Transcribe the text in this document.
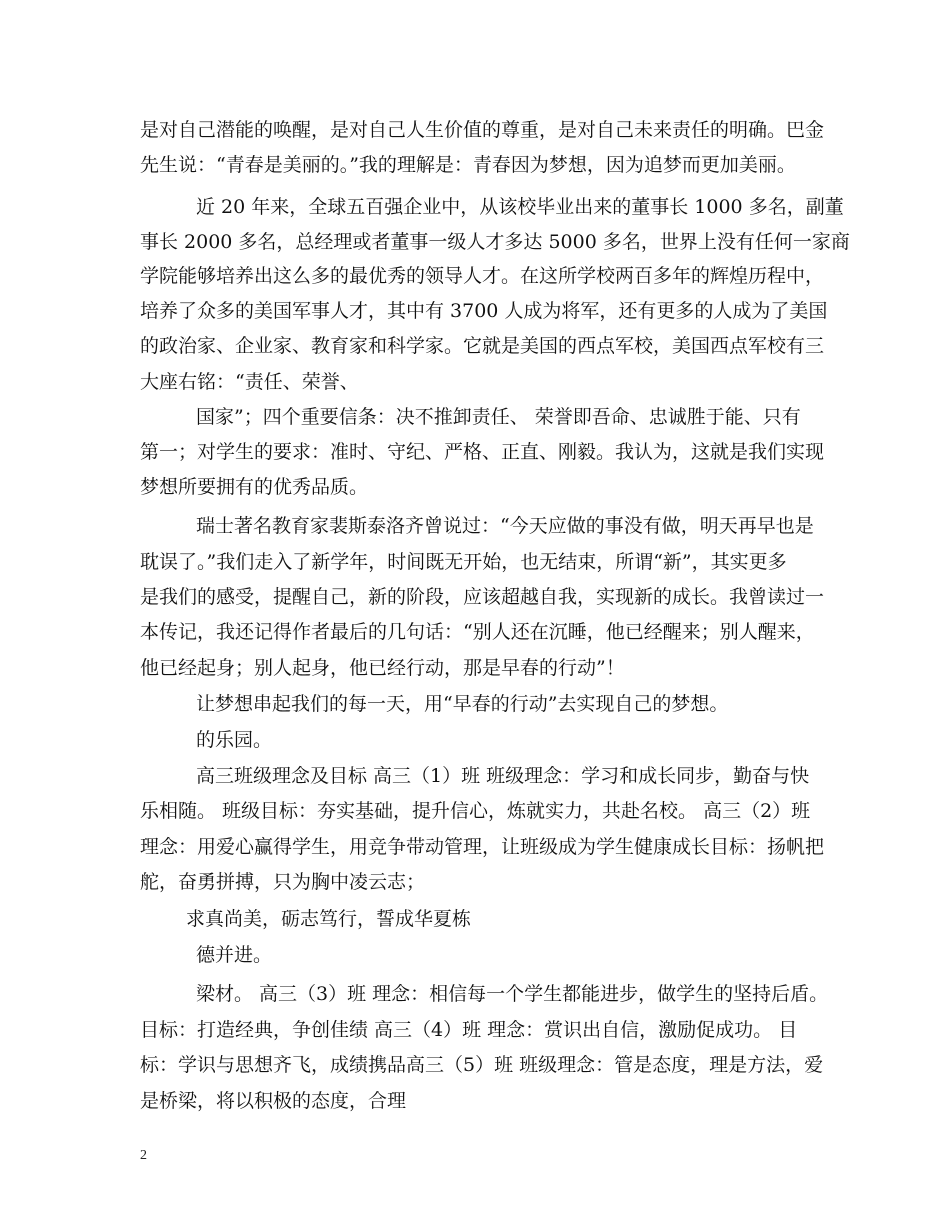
是对自己潜能的唤醒，是对自己人生价值的尊重，是对自己未来责任的明确。巴金
先生说：“青春是美丽的。”我的理解是：青春因为梦想，因为追梦而更加美丽。
近 20 年来，全球五百强企业中，从该校毕业出来的董事长 1000 多名，副董
事长 2000 多名，总经理或者董事一级人才多达 5000 多名，世界上没有任何一家商
学院能够培养出这么多的最优秀的领导人才。在这所学校两百多年的辉煌历程中，
培养了众多的美国军事人才，其中有 3700 人成为将军，还有更多的人成为了美国
的政治家、企业家、教育家和科学家。它就是美国的西点军校，美国西点军校有三
大座右铭：“责任、荣誉、
国家”；四个重要信条：决不推卸责任、 荣誉即吾命、忠诚胜于能、只有
第一；对学生的要求：准时、守纪、严格、正直、刚毅。我认为，这就是我们实现
梦想所要拥有的优秀品质。
瑞士著名教育家裴斯泰洛齐曾说过：“今天应做的事没有做，明天再早也是
耽误了。”我们走入了新学年，时间既无开始，也无结束，所谓“新”，其实更多
是我们的感受，提醒自己，新的阶段，应该超越自我，实现新的成长。我曾读过一
本传记，我还记得作者最后的几句话：“别人还在沉睡，他已经醒来；别人醒来，
他已经起身；别人起身，他已经行动，那是早春的行动”！
让梦想串起我们的每一天，用“早春的行动”去实现自己的梦想。
的乐园。
高三班级理念及目标 高三（1）班 班级理念：学习和成长同步，勤奋与快
乐相随。 班级目标：夯实基础，提升信心，炼就实力，共赴名校。 高三（2）班
理念：用爱心赢得学生，用竞争带动管理，让班级成为学生健康成长目标：扬帆把
舵，奋勇拼搏，只为胸中凌云志；
求真尚美，砺志笃行，誓成华夏栋
德并进。
梁材。 高三（3）班 理念：相信每一个学生都能进步，做学生的坚持后盾。
目标：打造经典，争创佳绩 高三（4）班 理念：赏识出自信，激励促成功。 目
标：学识与思想齐飞，成绩携品高三（5）班 班级理念：管是态度，理是方法，爱
是桥梁，将以积极的态度，合理
2
